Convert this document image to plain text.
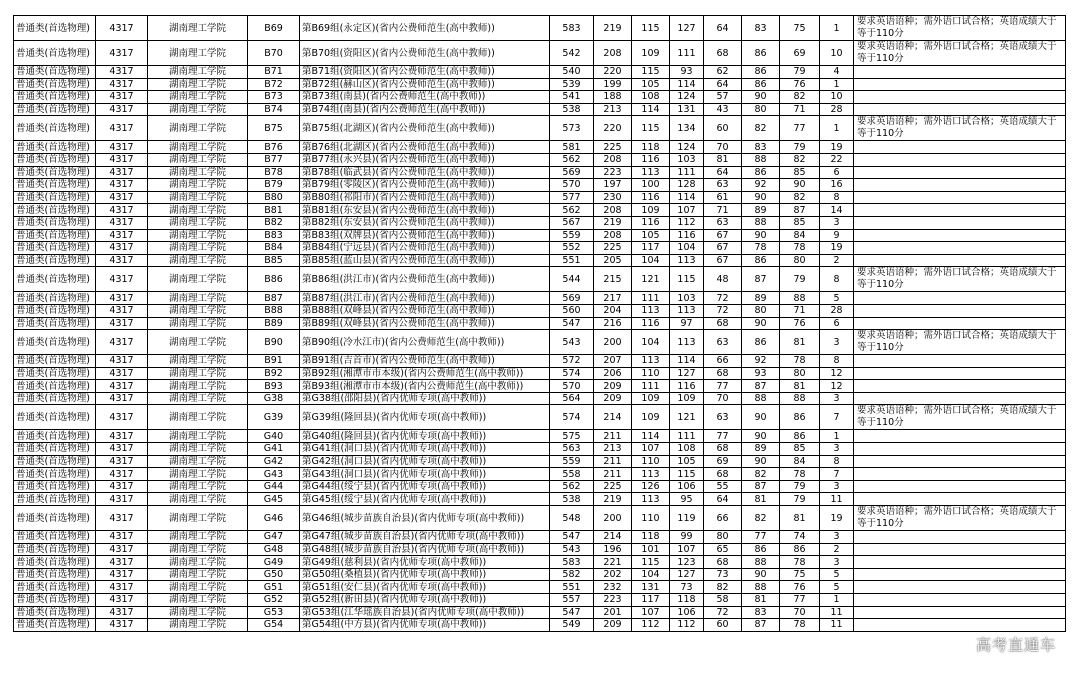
普通类(首选物理)	4317	湖南理工学院	B69	第B69组(永定区)(省内公费师范生(高中教师))	583	219	115	127	64	83	75	1	要求英语语种；需外语口试合格；英语成绩大于等于110分
普通类(首选物理)	4317	湖南理工学院	B70	第B70组(资阳区)(省内公费师范生(高中教师))	542	208	109	111	68	86	69	10	要求英语语种；需外语口试合格；英语成绩大于等于110分
普通类(首选物理)	4317	湖南理工学院	B71	第B71组(资阳区)(省内公费师范生(高中教师))	540	220	115	93	62	86	79	4	
普通类(首选物理)	4317	湖南理工学院	B72	第B72组(赫山区)(省内公费师范生(高中教师))	539	199	105	114	64	86	76	1	
普通类(首选物理)	4317	湖南理工学院	B73	第B73组(南县)(省内公费师范生(高中教师))	541	188	108	124	57	90	82	10	
普通类(首选物理)	4317	湖南理工学院	B74	第B74组(南县)(省内公费师范生(高中教师))	538	213	114	131	43	80	71	28	
普通类(首选物理)	4317	湖南理工学院	B75	第B75组(北湖区)(省内公费师范生(高中教师))	573	220	115	134	60	82	77	1	要求英语语种；需外语口试合格；英语成绩大于等于110分
普通类(首选物理)	4317	湖南理工学院	B76	第B76组(北湖区)(省内公费师范生(高中教师))	581	225	118	124	70	83	79	19	
普通类(首选物理)	4317	湖南理工学院	B77	第B77组(永兴县)(省内公费师范生(高中教师))	562	208	116	103	81	88	82	22	
普通类(首选物理)	4317	湖南理工学院	B78	第B78组(临武县)(省内公费师范生(高中教师))	569	223	113	111	64	86	85	6	
普通类(首选物理)	4317	湖南理工学院	B79	第B79组(零陵区)(省内公费师范生(高中教师))	570	197	100	128	63	92	90	16	
普通类(首选物理)	4317	湖南理工学院	B80	第B80组(祁阳市)(省内公费师范生(高中教师))	577	230	116	114	61	90	82	8	
普通类(首选物理)	4317	湖南理工学院	B81	第B81组(东安县)(省内公费师范生(高中教师))	562	208	109	107	71	89	87	14	
普通类(首选物理)	4317	湖南理工学院	B82	第B82组(东安县)(省内公费师范生(高中教师))	567	219	116	112	63	88	85	3	
普通类(首选物理)	4317	湖南理工学院	B83	第B83组(双牌县)(省内公费师范生(高中教师))	559	208	105	116	67	90	84	9	
普通类(首选物理)	4317	湖南理工学院	B84	第B84组(宁远县)(省内公费师范生(高中教师))	552	225	117	104	67	78	78	19	
普通类(首选物理)	4317	湖南理工学院	B85	第B85组(蓝山县)(省内公费师范生(高中教师))	551	205	104	113	67	86	80	2	
普通类(首选物理)	4317	湖南理工学院	B86	第B86组(洪江市)(省内公费师范生(高中教师))	544	215	121	115	48	87	79	8	要求英语语种；需外语口试合格；英语成绩大于等于110分
普通类(首选物理)	4317	湖南理工学院	B87	第B87组(洪江市)(省内公费师范生(高中教师))	569	217	111	103	72	89	88	5	
普通类(首选物理)	4317	湖南理工学院	B88	第B88组(双峰县)(省内公费师范生(高中教师))	560	204	113	113	72	80	71	28	
普通类(首选物理)	4317	湖南理工学院	B89	第B89组(双峰县)(省内公费师范生(高中教师))	547	216	116	97	68	90	76	6	
普通类(首选物理)	4317	湖南理工学院	B90	第B90组(冷水江市)(省内公费师范生(高中教师))	543	200	104	113	63	86	81	3	要求英语语种；需外语口试合格；英语成绩大于等于110分
普通类(首选物理)	4317	湖南理工学院	B91	第B91组(吉首市)(省内公费师范生(高中教师))	572	207	113	114	66	92	78	8	
普通类(首选物理)	4317	湖南理工学院	B92	第B92组(湘潭市市本级)(省内公费师范生(高中教师))	574	206	110	127	68	93	80	12	
普通类(首选物理)	4317	湖南理工学院	B93	第B93组(湘潭市市本级)(省内公费师范生(高中教师))	570	209	111	116	77	87	81	12	
普通类(首选物理)	4317	湖南理工学院	G38	第G38组(邵阳县)(省内优师专项(高中教师))	564	209	109	109	70	88	88	3	
普通类(首选物理)	4317	湖南理工学院	G39	第G39组(隆回县)(省内优师专项(高中教师))	574	214	109	121	63	90	86	7	要求英语语种；需外语口试合格；英语成绩大于等于110分
普通类(首选物理)	4317	湖南理工学院	G40	第G40组(隆回县)(省内优师专项(高中教师))	575	211	114	111	77	90	86	1	
普通类(首选物理)	4317	湖南理工学院	G41	第G41组(洞口县)(省内优师专项(高中教师))	563	213	107	108	68	89	85	3	
普通类(首选物理)	4317	湖南理工学院	G42	第G42组(洞口县)(省内优师专项(高中教师))	559	211	110	105	69	90	84	8	
普通类(首选物理)	4317	湖南理工学院	G43	第G43组(洞口县)(省内优师专项(高中教师))	558	211	113	115	68	82	78	7	
普通类(首选物理)	4317	湖南理工学院	G44	第G44组(绥宁县)(省内优师专项(高中教师))	562	225	126	106	55	87	79	3	
普通类(首选物理)	4317	湖南理工学院	G45	第G45组(绥宁县)(省内优师专项(高中教师))	538	219	113	95	64	81	79	11	
普通类(首选物理)	4317	湖南理工学院	G46	第G46组(城步苗族自治县)(省内优师专项(高中教师))	548	200	110	119	66	82	81	19	要求英语语种；需外语口试合格；英语成绩大于等于110分
普通类(首选物理)	4317	湖南理工学院	G47	第G47组(城步苗族自治县)(省内优师专项(高中教师))	547	214	118	99	80	77	74	3	
普通类(首选物理)	4317	湖南理工学院	G48	第G48组(城步苗族自治县)(省内优师专项(高中教师))	543	196	101	107	65	86	86	2	
普通类(首选物理)	4317	湖南理工学院	G49	第G49组(慈利县)(省内优师专项(高中教师))	583	221	115	123	68	88	78	3	
普通类(首选物理)	4317	湖南理工学院	G50	第G50组(桑植县)(省内优师专项(高中教师))	582	202	104	127	73	90	75	5	
普通类(首选物理)	4317	湖南理工学院	G51	第G51组(安仁县)(省内优师专项(高中教师))	551	232	131	73	82	88	76	5	
普通类(首选物理)	4317	湖南理工学院	G52	第G52组(新田县)(省内优师专项(高中教师))	557	223	117	118	58	81	77	1	
普通类(首选物理)	4317	湖南理工学院	G53	第G53组(江华瑶族自治县)(省内优师专项(高中教师))	547	201	107	106	72	83	70	11	
普通类(首选物理)	4317	湖南理工学院	G54	第G54组(中方县)(省内优师专项(高中教师))	549	209	112	112	60	87	78	11	
高考直通车
